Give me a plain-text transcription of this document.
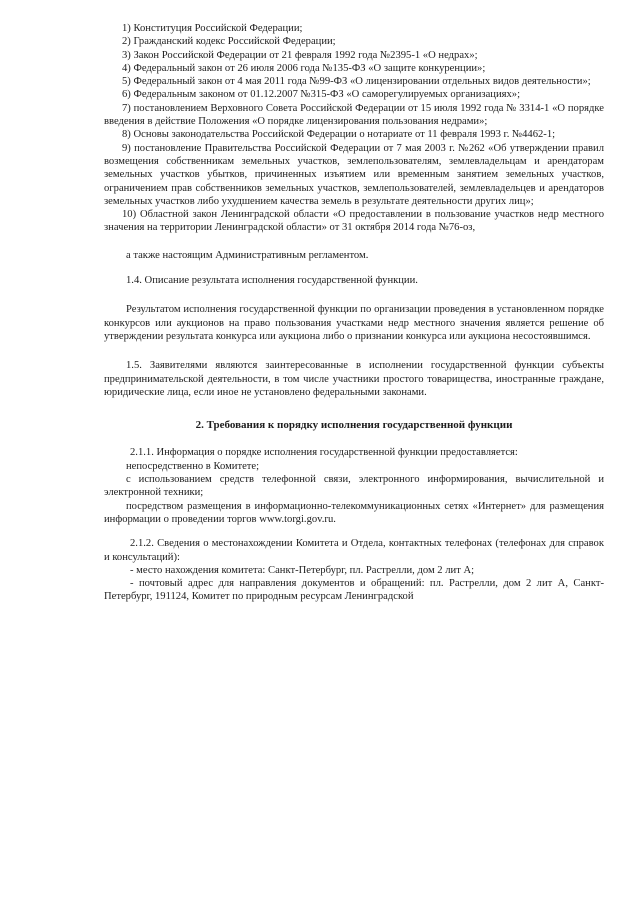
1) Конституция Российской Федерации;

2) Гражданский кодекс Российской Федерации;

3) Закон Российской Федерации от 21 февраля 1992 года №2395-1 «О недрах»;

4) Федеральный закон от 26 июля 2006 года №135-ФЗ «О защите конкуренции»;

5) Федеральный закон от 4 мая 2011 года №99-ФЗ «О лицензировании отдельных видов деятельности»;

6) Федеральным законом от 01.12.2007 №315-ФЗ «О саморегулируемых организациях»;

7) постановлением Верховного Совета Российской Федерации от 15 июля 1992 года № 3314-1 «О порядке введения в действие Положения «О порядке лицензирования пользования недрами»;

8) Основы законодательства Российской Федерации о нотариате от 11 февраля 1993 г. №4462-1;

9) постановление Правительства Российской Федерации от 7 мая 2003 г. №262 «Об утверждении правил возмещения собственникам земельных участков, землепользователям, землевладельцам и арендаторам земельных участков убытков, причиненных изъятием или временным занятием земельных участков, ограничением прав собственников земельных участков, землепользователей, землевладельцев и арендаторов земельных участков либо ухудшением качества земель в результате деятельности других лиц»;

10) Областной закон Ленинградской области «О предоставлении в пользование участков недр местного значения на территории Ленинградской области» от 31 октября 2014 года №76-оз,

а также настоящим Административным регламентом.

1.4. Описание результата исполнения государственной функции.

Результатом исполнения государственной функции по организации проведения в установленном порядке конкурсов или аукционов на право пользования участками недр местного значения является решение об утверждении результата конкурса или аукциона либо о признании конкурса или аукциона несостоявшимся.

1.5. Заявителями являются заинтересованные в исполнении государственной функции субъекты предпринимательской деятельности, в том числе участники простого товарищества, иностранные граждане, юридические лица, если иное не установлено федеральными законами.

2. Требования к порядку исполнения государственной функции

2.1.1. Информация о порядке исполнения государственной функции предоставляется:

непосредственно в Комитете;

с использованием средств телефонной связи, электронного информирования, вычислительной и электронной техники;

посредством размещения в информационно-телекоммуникационных сетях «Интернет» для размещения информации о проведении торгов www.torgi.gov.ru.

2.1.2. Сведения о местонахождении Комитета и Отдела, контактных телефонах (телефонах для справок и консультаций):

- место нахождения комитета: Санкт-Петербург, пл. Растрелли, дом 2 лит А;

- почтовый адрес для направления документов и обращений: пл. Растрелли, дом 2 лит А, Санкт-Петербург, 191124, Комитет по природным ресурсам Ленинградской
